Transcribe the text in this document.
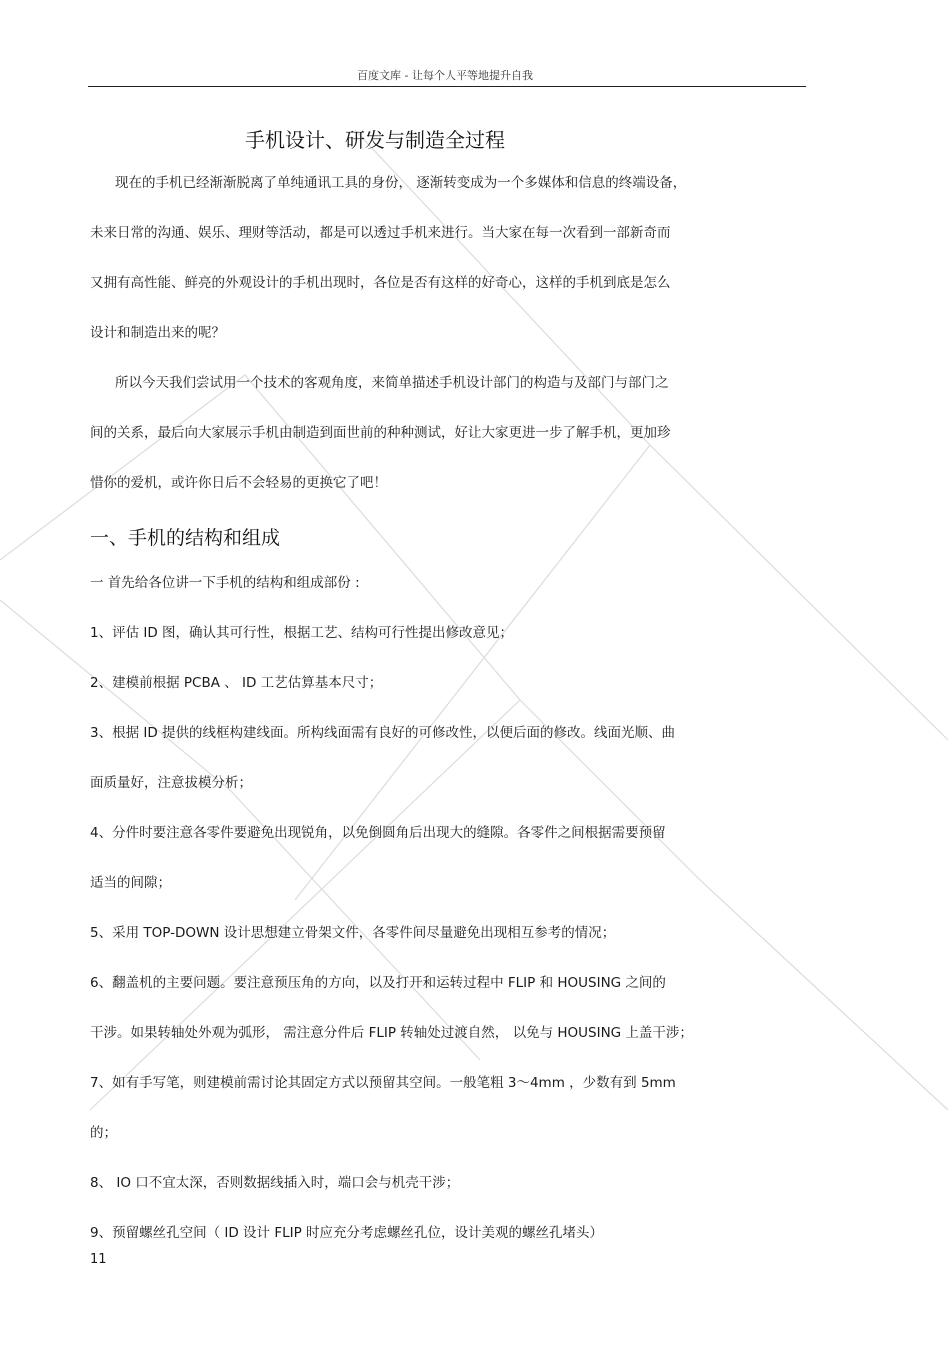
百度文库 - 让每个人平等地提升自我
手机设计、研发与制造全过程
现在的手机已经渐渐脱离了单纯通讯工具的身份， 逐渐转变成为一个多媒体和信息的终端设备，
未来日常的沟通、娱乐、理财等活动，都是可以透过手机来进行。当大家在每一次看到一部新奇而
又拥有高性能、鲜亮的外观设计的手机出现时，各位是否有这样的好奇心，这样的手机到底是怎么
设计和制造出来的呢？
所以今天我们尝试用一个技术的客观角度，来简单描述手机设计部门的构造与及部门与部门之
间的关系，最后向大家展示手机由制造到面世前的种种测试，好让大家更进一步了解手机，更加珍
惜你的爱机，或许你日后不会轻易的更换它了吧！
一、手机的结构和组成
一 首先给各位讲一下手机的结构和组成部份 :
1、评估 ID 图，确认其可行性，根据工艺、结构可行性提出修改意见；
2、建模前根据 PCBA 、 ID 工艺估算基本尺寸；
3、根据 ID 提供的线框构建线面。所构线面需有良好的可修改性，以便后面的修改。线面光顺、曲
面质量好，注意拔模分析；
4、分件时要注意各零件要避免出现锐角，以免倒圆角后出现大的缝隙。各零件之间根据需要预留
适当的间隙；
5、采用 TOP-DOWN 设计思想建立骨架文件，各零件间尽量避免出现相互参考的情况；
6、翻盖机的主要问题。要注意预压角的方向，以及打开和运转过程中 FLIP 和 HOUSING 之间的
干涉。如果转轴处外观为弧形， 需注意分件后 FLIP 转轴处过渡自然， 以免与 HOUSING 上盖干涉；
7、如有手写笔，则建模前需讨论其固定方式以预留其空间。一般笔粗 3～4mm ，少数有到 5mm
的；
8、 IO 口不宜太深，否则数据线插入时，端口会与机壳干涉；
9、预留螺丝孔空间（ ID 设计 FLIP 时应充分考虑螺丝孔位，设计美观的螺丝孔堵头）
11
